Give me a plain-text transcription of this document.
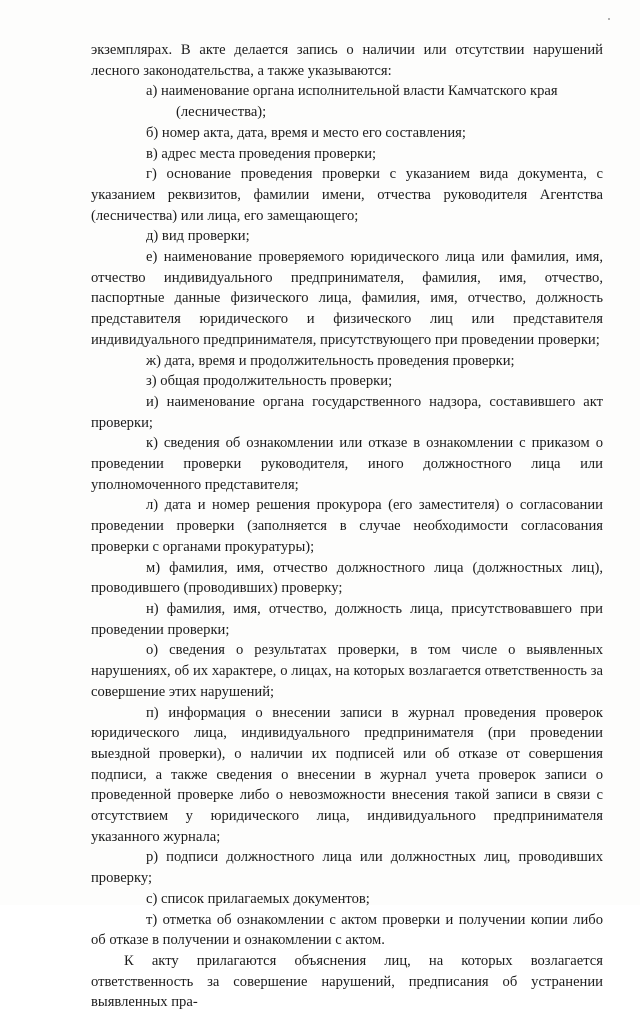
экземплярах. В акте делается запись о наличии или отсутствии нарушений лесного законодательства, а также указываются:

а) наименование органа исполнительной власти Камчатского края

(лесничества);

б) номер акта, дата, время и место его составления;

в) адрес места проведения проверки;

г) основание проведения проверки с указанием вида документа, с указанием реквизитов, фамилии имени, отчества руководителя Агентства (лесничества) или лица, его замещающего;

д) вид проверки;

е) наименование проверяемого юридического лица или фамилия, имя, отчество индивидуального предпринимателя, фамилия, имя, отчество, паспортные данные физического лица, фамилия, имя, отчество, должность представителя юридического и физического лиц или представителя индивидуального предпринимателя, присутствующего при проведении проверки;

ж) дата, время и продолжительность проведения проверки;

з) общая продолжительность проверки;

и) наименование органа государственного надзора, составившего акт проверки;

к) сведения об ознакомлении или отказе в ознакомлении с приказом о проведении проверки руководителя, иного должностного лица или уполномоченного представителя;

л) дата и номер решения прокурора (его заместителя) о согласовании проведении проверки (заполняется в случае необходимости согласования проверки с органами прокуратуры);

м) фамилия, имя, отчество должностного лица (должностных лиц), проводившего (проводивших) проверку;

н) фамилия, имя, отчество, должность лица, присутствовавшего при проведении проверки;

о) сведения о результатах проверки, в том числе о выявленных нарушениях, об их характере, о лицах, на которых возлагается ответственность за совершение этих нарушений;

п) информация о внесении записи в журнал проведения проверок юридического лица, индивидуального предпринимателя (при проведении выездной проверки), о наличии их подписей или об отказе от совершения подписи, а также сведения о внесении в журнал учета проверок записи о проведенной проверке либо о невозможности внесения такой записи в связи с отсутствием у юридического лица, индивидуального предпринимателя указанного журнала;

р) подписи должностного лица или должностных лиц, проводивших проверку;

с) список прилагаемых документов;

т) отметка об ознакомлении с актом проверки и получении копии либо об отказе в получении и ознакомлении с актом.

К акту прилагаются объяснения лиц, на которых возлагается ответственность за совершение нарушений, предписания об устранении выявленных пра-
